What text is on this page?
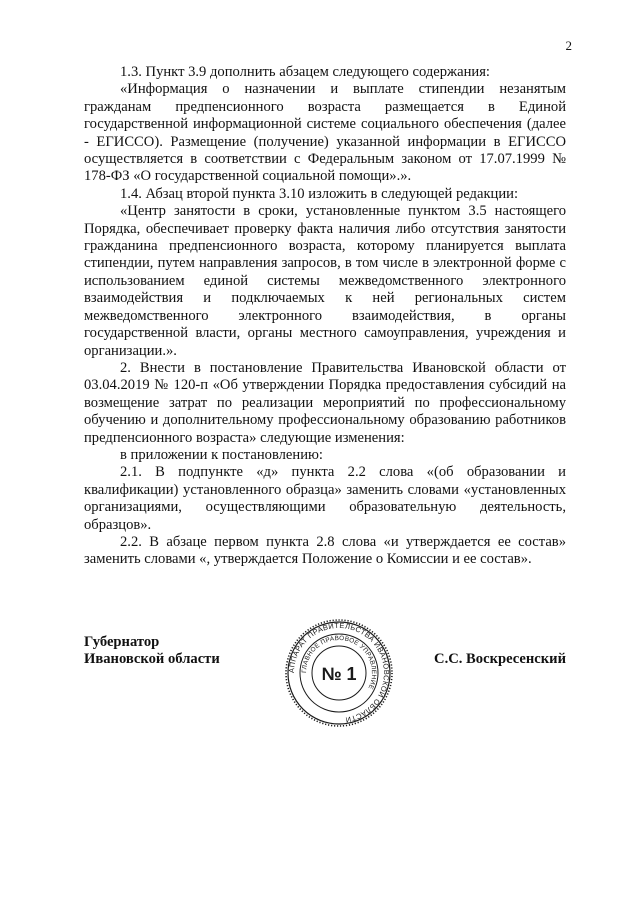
2

1.3. Пункт 3.9 дополнить абзацем следующего содержания:

«Информация о назначении и выплате стипендии незанятым гражданам предпенсионного возраста размещается в Единой государственной информационной системе социального обеспечения (далее - ЕГИССО). Размещение (получение) указанной информации в ЕГИССО осуществляется в соответствии с Федеральным законом от 17.07.1999 № 178-ФЗ «О государственной социальной помощи».».

1.4. Абзац второй пункта 3.10 изложить в следующей редакции:

«Центр занятости в сроки, установленные пунктом 3.5 настоящего Порядка, обеспечивает проверку факта наличия либо отсутствия занятости гражданина предпенсионного возраста, которому планируется выплата стипендии, путем направления запросов, в том числе в электронной форме с использованием единой системы межведомственного электронного взаимодействия и подключаемых к ней региональных систем межведомственного электронного взаимодействия, в органы государственной власти, органы местного самоуправления, учреждения и организации.».

2. Внести в постановление Правительства Ивановской области от 03.04.2019 № 120-п «Об утверждении Порядка предоставления субсидий на возмещение затрат по реализации мероприятий по профессиональному обучению и дополнительному профессиональному образованию работников предпенсионного возраста» следующие изменения:

в приложении к постановлению:

2.1. В подпункте «д» пункта 2.2 слова «(об образовании и квалификации) установленного образца» заменить словами «установленных организациями, осуществляющими образовательную деятельность, образцов».

2.2. В абзаце первом пункта 2.8 слова «и утверждается ее состав» заменить словами «, утверждается Положение о Комиссии и ее состав».

Губернатор
Ивановской области
АППАРАТ ПРАВИТЕЛЬСТВА ИВАНОВСКОЙ ОБЛАСТИ
ГЛАВНОЕ ПРАВОВОЕ УПРАВЛЕНИЕ
№ 1
С.С. Воскресенский
